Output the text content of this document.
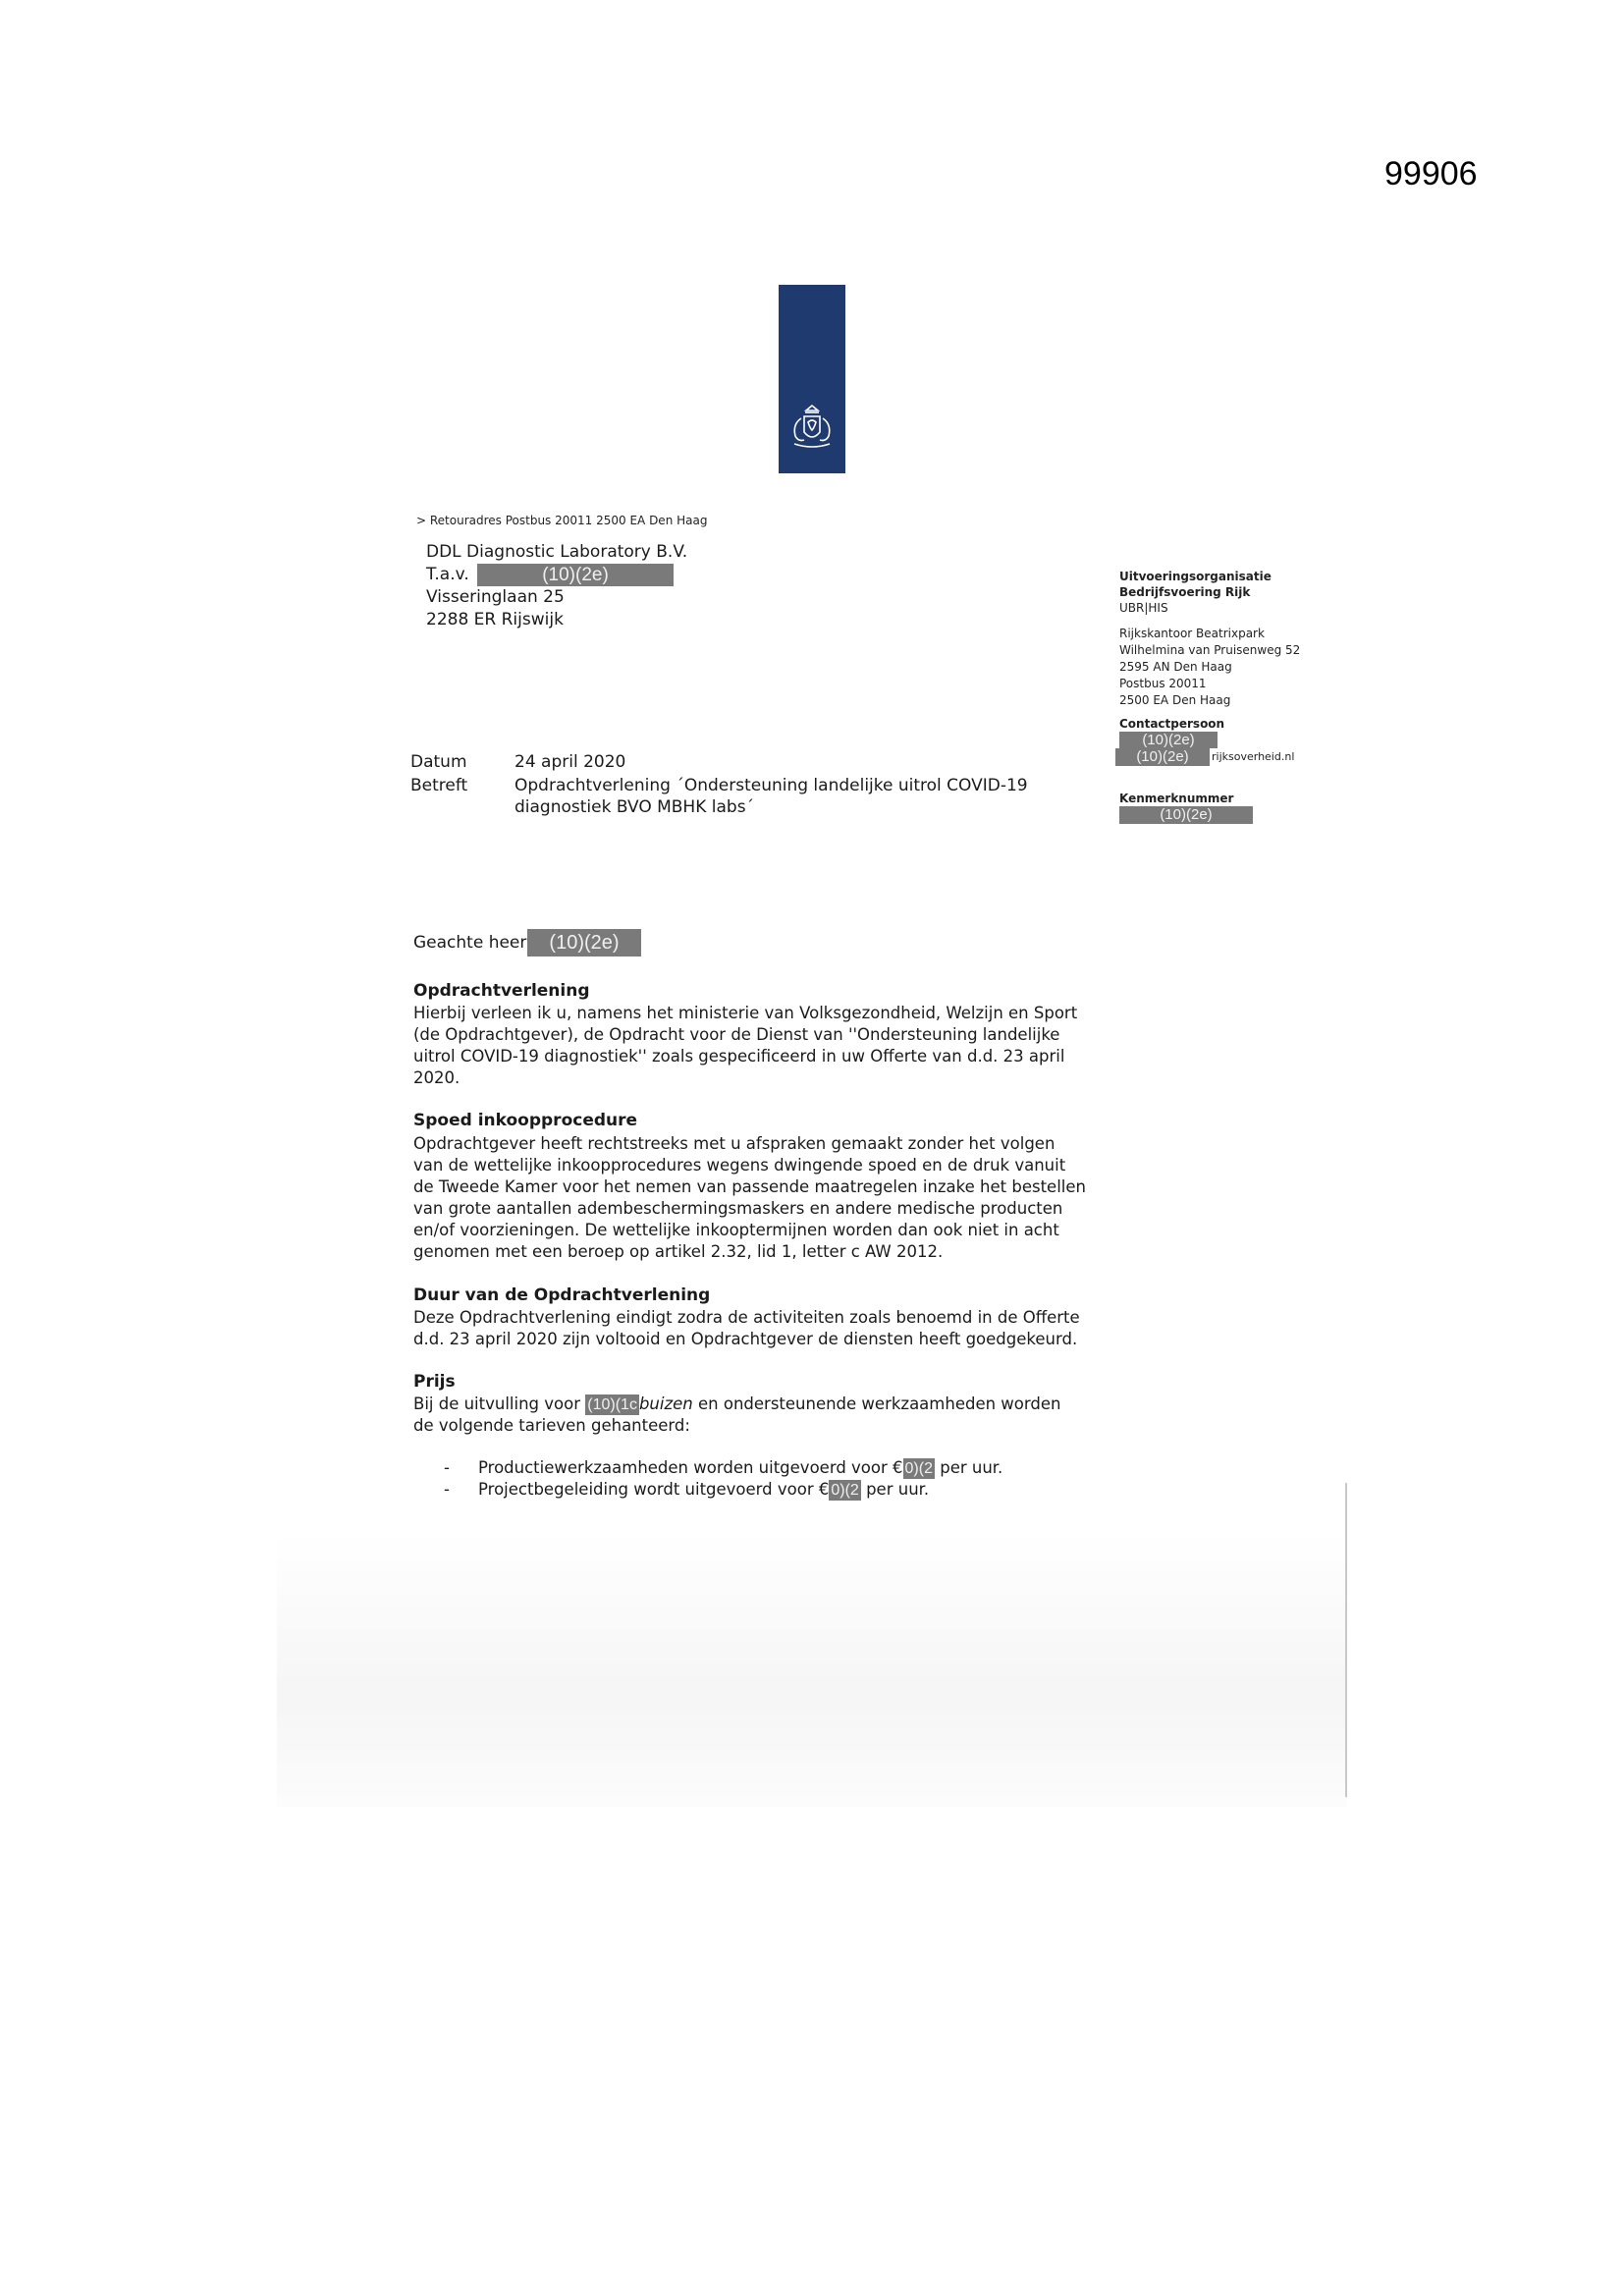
99906
> Retouradres Postbus 20011 2500 EA Den Haag
DDL Diagnostic Laboratory B.V.
T.a.v.	(10)(2e)
Visseringlaan 25
2288 ER Rijswijk
Uitvoeringsorganisatie
Bedrijfsvoering Rijk
UBR|HIS
Rijkskantoor Beatrixpark
Wilhelmina van Pruisenweg 52
2595 AN Den Haag
Postbus 20011
2500 EA Den Haag
Contactpersoon
(10)(2e)
(10)(2e)	rijksoverheid.nl
Kenmerknummer
(10)(2e)
Datum	24 april 2020
Betreft	Opdrachtverlening ´Ondersteuning landelijke uitrol COVID-19
diagnostiek BVO MBHK labs´
Geachte heer	(10)(2e)
Opdrachtverlening
Hierbij verleen ik u, namens het ministerie van Volksgezondheid, Welzijn en Sport
(de Opdrachtgever), de Opdracht voor de Dienst van ''Ondersteuning landelijke
uitrol COVID-19 diagnostiek'' zoals gespecificeerd in uw Offerte van d.d. 23 april
2020.
Spoed inkoopprocedure
Opdrachtgever heeft rechtstreeks met u afspraken gemaakt zonder het volgen
van de wettelijke inkoopprocedures wegens dwingende spoed en de druk vanuit
de Tweede Kamer voor het nemen van passende maatregelen inzake het bestellen
van grote aantallen adembeschermingsmaskers en andere medische producten
en/of voorzieningen. De wettelijke inkooptermijnen worden dan ook niet in acht
genomen met een beroep op artikel 2.32, lid 1, letter c AW 2012.
Duur van de Opdrachtverlening
Deze Opdrachtverlening eindigt zodra de activiteiten zoals benoemd in de Offerte
d.d. 23 april 2020 zijn voltooid en Opdrachtgever de diensten heeft goedgekeurd.
Prijs
Bij de uitvulling voor (10)(1c buizen en ondersteunende werkzaamheden worden
de volgende tarieven gehanteerd:
- Productiewerkzaamheden worden uitgevoerd voor € 0)(2 per uur.
- Projectbegeleiding wordt uitgevoerd voor € 0)(2 per uur.
